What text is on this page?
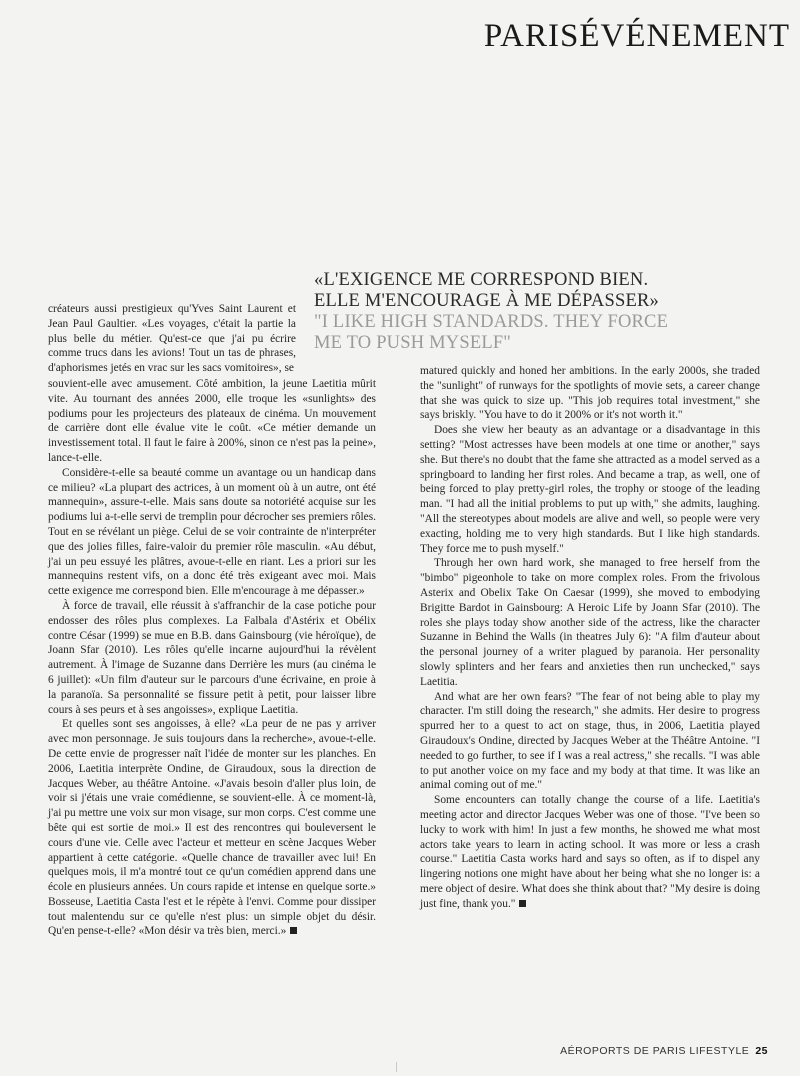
PARISÉVÉNEMENT
«L'EXIGENCE ME CORRESPOND BIEN.
ELLE M'ENCOURAGE À ME DÉPASSER»
"I LIKE HIGH STANDARDS. THEY FORCE
ME TO PUSH MYSELF"

créateurs aussi prestigieux qu'Yves Saint Laurent et Jean Paul Gaultier. «Les voyages, c'était la partie la plus belle du métier. Qu'est-ce que j'ai pu écrire comme trucs dans les avions! Tout un tas de phrases, d'aphorismes jetés en vrac sur les sacs vomitoires», se

souvient-elle avec amusement. Côté ambition, la jeune Laetitia mûrit vite. Au tournant des années 2000, elle troque les «sunlights» des podiums pour les projecteurs des plateaux de cinéma. Un mouvement de carrière dont elle évalue vite le coût. «Ce métier demande un investissement total. Il faut le faire à 200%, sinon ce n'est pas la peine», lance-t-elle.

Considère-t-elle sa beauté comme un avantage ou un handicap dans ce milieu? «La plupart des actrices, à un moment où à un autre, ont été mannequin», assure-t-elle. Mais sans doute sa notoriété acquise sur les podiums lui a-t-elle servi de tremplin pour décrocher ses premiers rôles. Tout en se révélant un piège. Celui de se voir contrainte de n'interpréter que des jolies filles, faire-valoir du premier rôle masculin. «Au début, j'ai un peu essuyé les plâtres, avoue-t-elle en riant. Les a priori sur les mannequins restent vifs, on a donc été très exigeant avec moi. Mais cette exigence me correspond bien. Elle m'encourage à me dépasser.»

À force de travail, elle réussit à s'affranchir de la case potiche pour endosser des rôles plus complexes. La Falbala d'Astérix et Obélix contre César (1999) se mue en B.B. dans Gainsbourg (vie héroïque), de Joann Sfar (2010). Les rôles qu'elle incarne aujourd'hui la révèlent autrement. À l'image de Suzanne dans Derrière les murs (au cinéma le 6 juillet): «Un film d'auteur sur le parcours d'une écrivaine, en proie à la paranoïa. Sa personnalité se fissure petit à petit, pour laisser libre cours à ses peurs et à ses angoisses», explique Laetitia.

Et quelles sont ses angoisses, à elle? «La peur de ne pas y arriver avec mon personnage. Je suis toujours dans la recherche», avoue-t-elle. De cette envie de progresser naît l'idée de monter sur les planches. En 2006, Laetitia interprète Ondine, de Giraudoux, sous la direction de Jacques Weber, au théâtre Antoine. «J'avais besoin d'aller plus loin, de voir si j'étais une vraie comédienne, se souvient-elle. À ce moment-là, j'ai pu mettre une voix sur mon visage, sur mon corps. C'est comme une bête qui est sortie de moi.» Il est des rencontres qui bouleversent le cours d'une vie. Celle avec l'acteur et metteur en scène Jacques Weber appartient à cette catégorie. «Quelle chance de travailler avec lui! En quelques mois, il m'a montré tout ce qu'un comédien apprend dans une école en plusieurs années. Un cours rapide et intense en quelque sorte.» Bosseuse, Laetitia Casta l'est et le répète à l'envi. Comme pour dissiper tout malentendu sur ce qu'elle n'est plus: un simple objet du désir. Qu'en pense-t-elle? «Mon désir va très bien, merci.»

matured quickly and honed her ambitions. In the early 2000s, she traded the "sunlight" of runways for the spotlights of movie sets, a career change that she was quick to size up. "This job requires total investment," she says briskly. "You have to do it 200% or it's not worth it."

Does she view her beauty as an advantage or a disadvantage in this setting? "Most actresses have been models at one time or another," says she. But there's no doubt that the fame she attracted as a model served as a springboard to landing her first roles. And became a trap, as well, one of being forced to play pretty-girl roles, the trophy or stooge of the leading man. "I had all the initial problems to put up with," she admits, laughing. "All the stereotypes about models are alive and well, so people were very exacting, holding me to very high standards. But I like high standards. They force me to push myself."

Through her own hard work, she managed to free herself from the "bimbo" pigeonhole to take on more complex roles. From the frivolous Asterix and Obelix Take On Caesar (1999), she moved to embodying Brigitte Bardot in Gainsbourg: A Heroic Life by Joann Sfar (2010). The roles she plays today show another side of the actress, like the character Suzanne in Behind the Walls (in theatres July 6): "A film d'auteur about the personal journey of a writer plagued by paranoia. Her personality slowly splinters and her fears and anxieties then run unchecked," says Laetitia.

And what are her own fears? "The fear of not being able to play my character. I'm still doing the research," she admits. Her desire to progress spurred her to a quest to act on stage, thus, in 2006, Laetitia played Giraudoux's Ondine, directed by Jacques Weber at the Théâtre Antoine. "I needed to go further, to see if I was a real actress," she recalls. "I was able to put another voice on my face and my body at that time. It was like an animal coming out of me."

Some encounters can totally change the course of a life. Laetitia's meeting actor and director Jacques Weber was one of those. "I've been so lucky to work with him! In just a few months, he showed me what most actors take years to learn in acting school. It was more or less a crash course." Laetitia Casta works hard and says so often, as if to dispel any lingering notions one might have about her being what she no longer is: a mere object of desire. What does she think about that? "My desire is doing just fine, thank you."

AÉROPORTS DE PARIS LIFESTYLE 25
